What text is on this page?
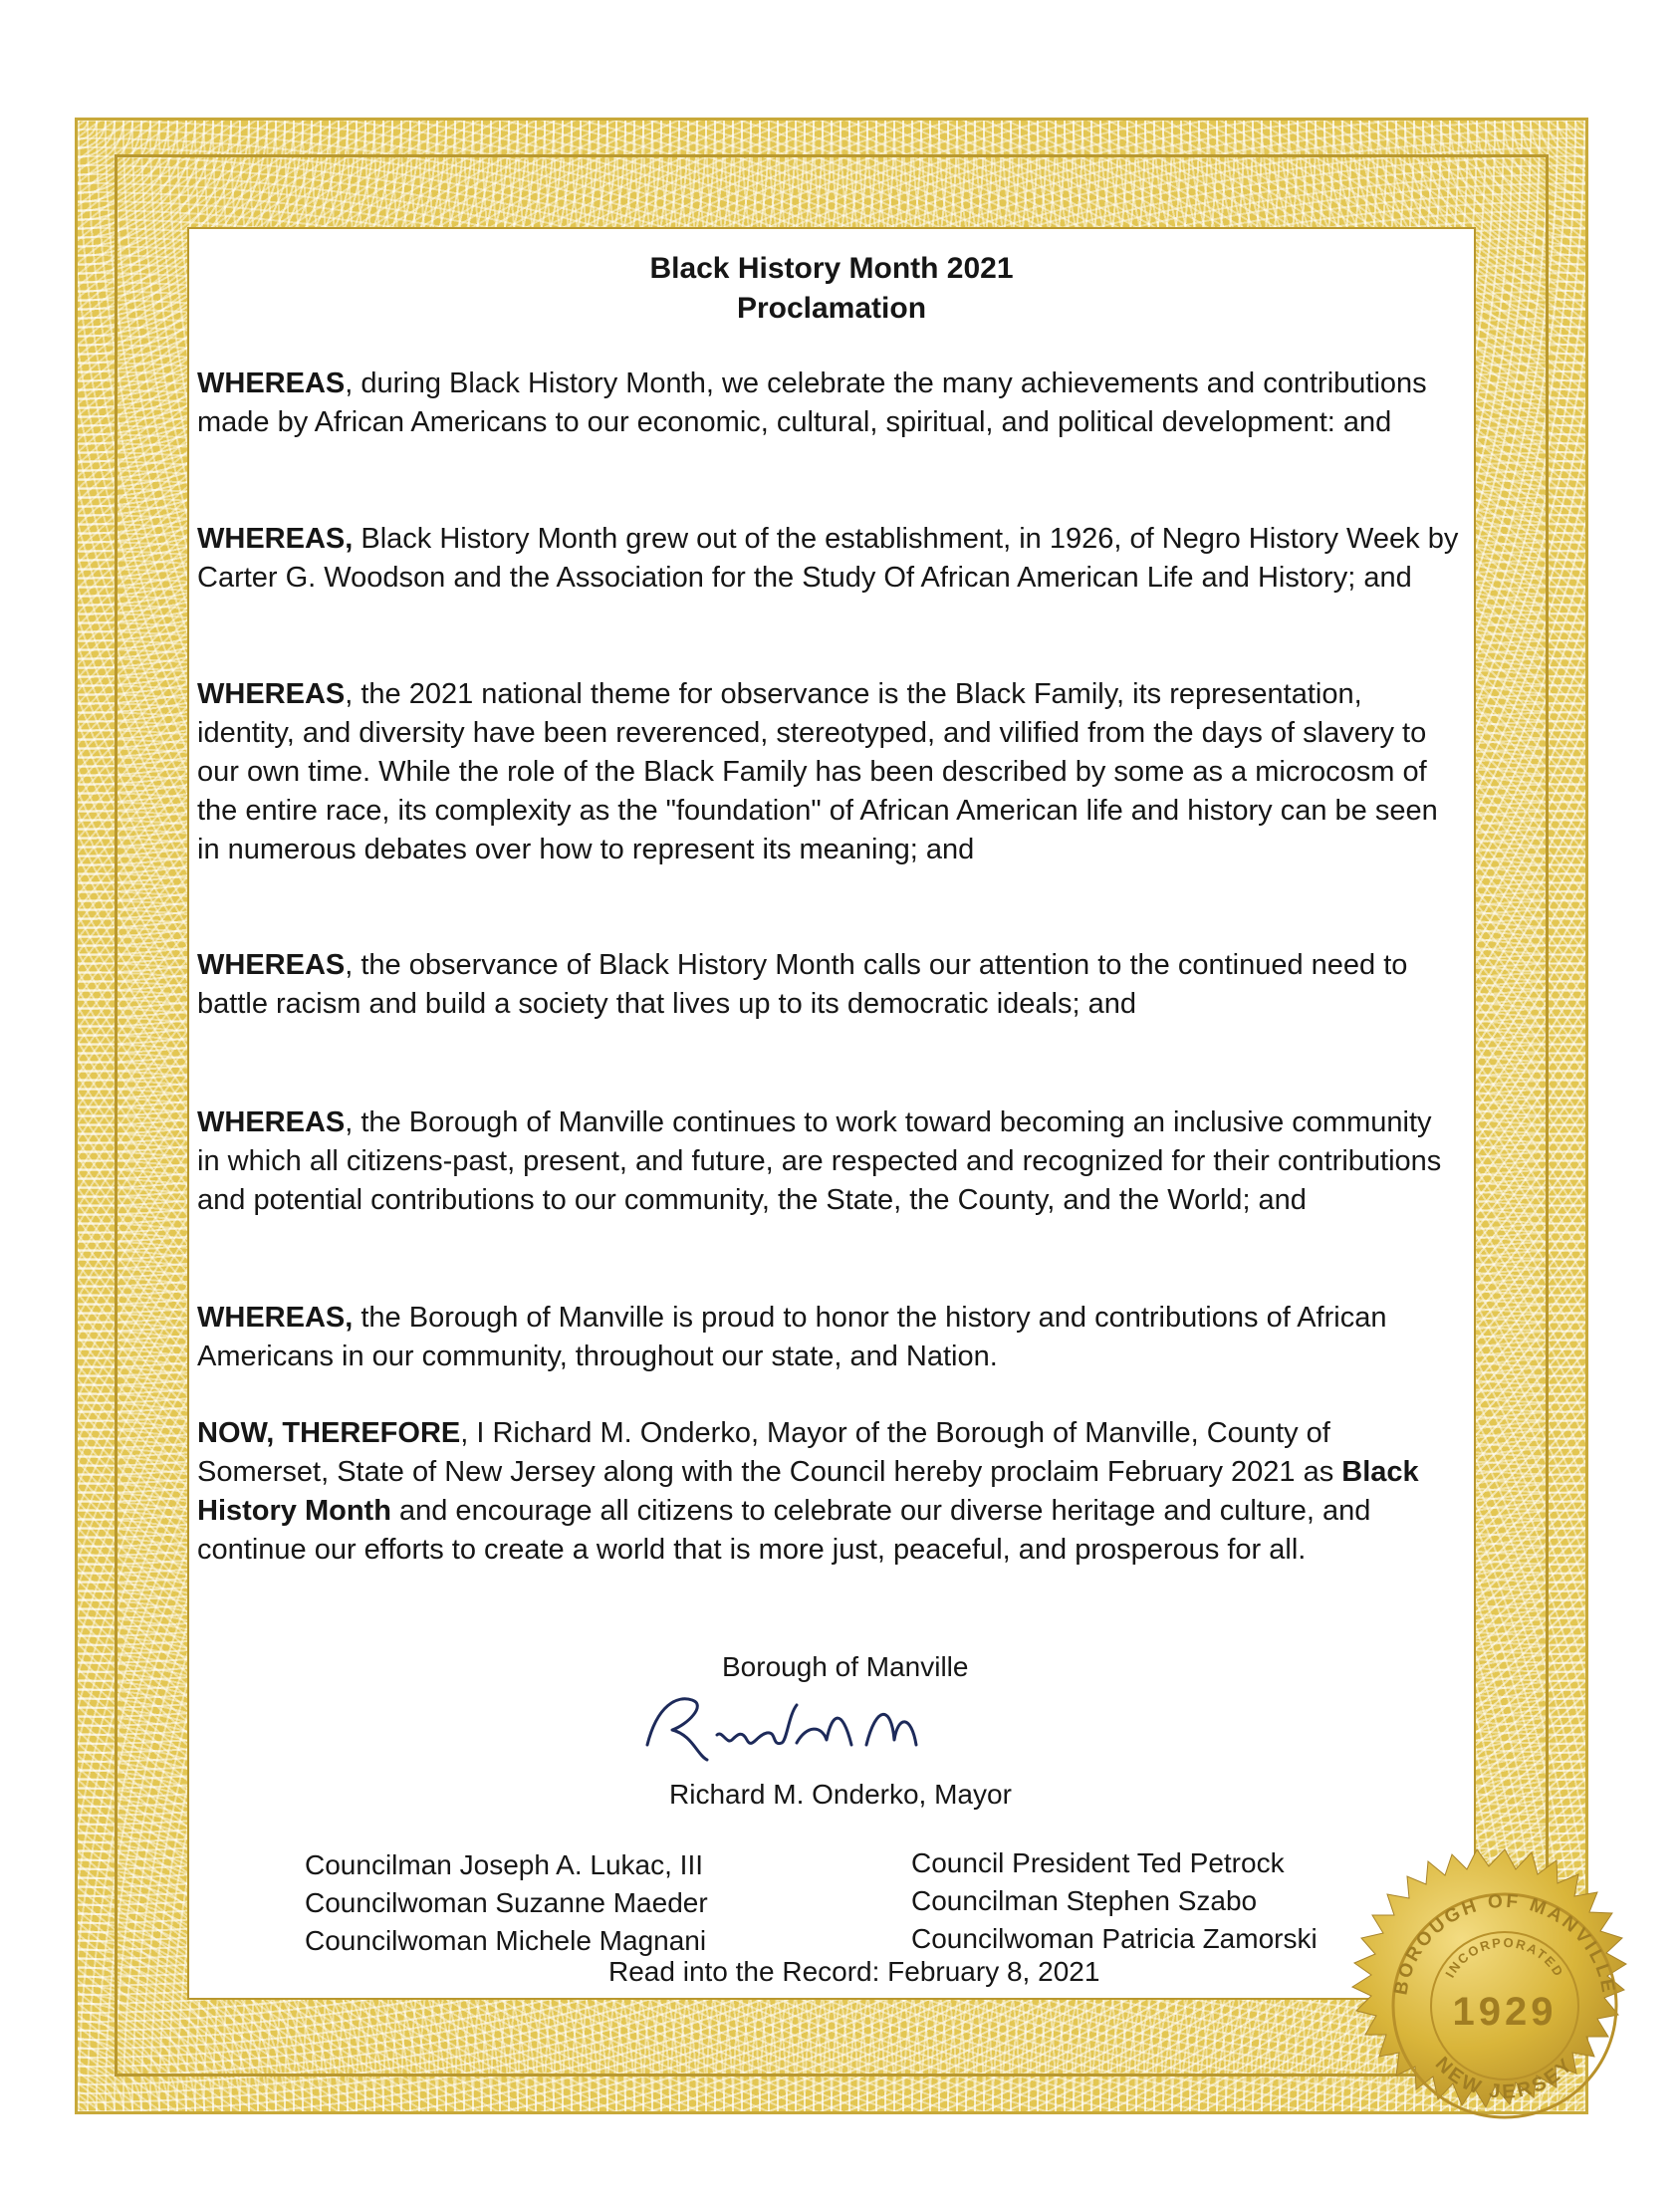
Black History Month 2021
Proclamation

WHEREAS, during Black History Month, we celebrate the many achievements and contributions made by African Americans to our economic, cultural, spiritual, and political development: and

WHEREAS, Black History Month grew out of the establishment, in 1926, of Negro History Week by Carter G. Woodson and the Association for the Study Of African American Life and History; and

WHEREAS, the 2021 national theme for observance is the Black Family, its representation, identity, and diversity have been reverenced, stereotyped, and vilified from the days of slavery to our own time. While the role of the Black Family has been described by some as a microcosm of the entire race, its complexity as the "foundation" of African American life and history can be seen in numerous debates over how to represent its meaning; and

WHEREAS, the observance of Black History Month calls our attention to the continued need to battle racism and build a society that lives up to its democratic ideals; and

WHEREAS, the Borough of Manville continues to work toward becoming an inclusive community in which all citizens-past, present, and future, are respected and recognized for their contributions and potential contributions to our community, the State, the County, and the World; and

WHEREAS, the Borough of Manville is proud to honor the history and contributions of African Americans in our community, throughout our state, and Nation.

NOW, THEREFORE, I Richard M. Onderko, Mayor of the Borough of Manville, County of Somerset, State of New Jersey along with the Council hereby proclaim February 2021 as Black History Month and encourage all citizens to celebrate our diverse heritage and culture, and continue our efforts to create a world that is more just, peaceful, and prosperous for all.

Borough of Manville
Richard M. Onderko, Mayor
Councilman Joseph A. Lukac, III
Councilwoman Suzanne Maeder
Councilwoman Michele Magnani
Council President Ted Petrock
Councilman Stephen Szabo
Councilwoman Patricia Zamorski
Read into the Record: February 8, 2021	BOROUGH OF MANVILLE
INCORPORATED
1929
NEW JERSEY
